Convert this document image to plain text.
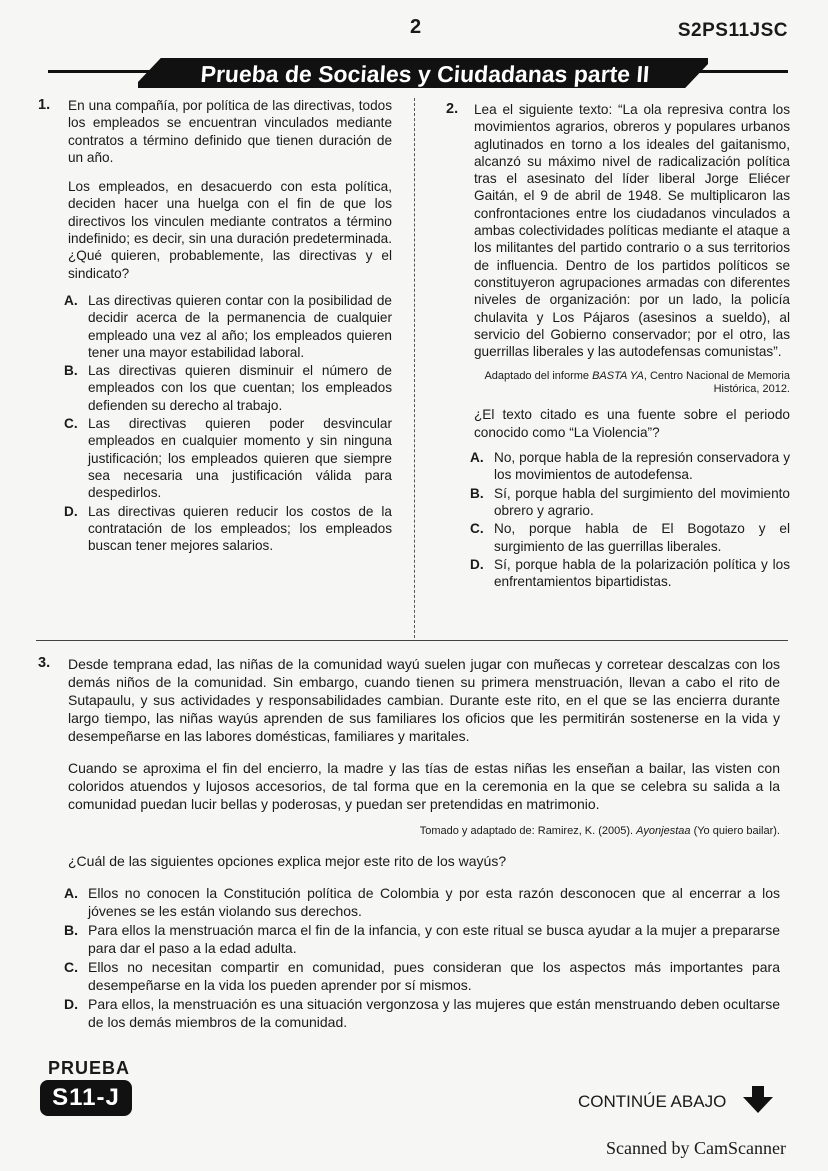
2	S2PS11JSC
Prueba de Sociales y Ciudadanas parte II
1. En una compañía, por política de las directivas, todos los empleados se encuentran vinculados mediante contratos a término definido que tienen duración de un año.

Los empleados, en desacuerdo con esta política, deciden hacer una huelga con el fin de que los directivos los vinculen mediante contratos a término indefinido; es decir, sin una duración predeterminada. ¿Qué quieren, probablemente, las directivas y el sindicato?

A. Las directivas quieren contar con la posibilidad de decidir acerca de la permanencia de cualquier empleado una vez al año; los empleados quieren tener una mayor estabilidad laboral.
B. Las directivas quieren disminuir el número de empleados con los que cuentan; los empleados defienden su derecho al trabajo.
C. Las directivas quieren poder desvincular empleados en cualquier momento y sin ninguna justificación; los empleados quieren que siempre sea necesaria una justificación válida para despedirlos.
D. Las directivas quieren reducir los costos de la contratación de los empleados; los empleados buscan tener mejores salarios.
2. Lea el siguiente texto: “La ola represiva contra los movimientos agrarios, obreros y populares urbanos aglutinados en torno a los ideales del gaitanismo, alcanzó su máximo nivel de radicalización política tras el asesinato del líder liberal Jorge Eliécer Gaitán, el 9 de abril de 1948. Se multiplicaron las confrontaciones entre los ciudadanos vinculados a ambas colectividades políticas mediante el ataque a los militantes del partido contrario o a sus territorios de influencia. Dentro de los partidos políticos se constituyeron agrupaciones armadas con diferentes niveles de organización: por un lado, la policía chulavita y Los Pájaros (asesinos a sueldo), al servicio del Gobierno conservador; por el otro, las guerrillas liberales y las autodefensas comunistas”.

Adaptado del informe BASTA YA, Centro Nacional de Memoria Histórica, 2012.

¿El texto citado es una fuente sobre el periodo conocido como “La Violencia”?

A. No, porque habla de la represión conservadora y los movimientos de autodefensa.
B. Sí, porque habla del surgimiento del movimiento obrero y agrario.
C. No, porque habla de El Bogotazo y el surgimiento de las guerrillas liberales.
D. Sí, porque habla de la polarización política y los enfrentamientos bipartidistas.
3. Desde temprana edad, las niñas de la comunidad wayú suelen jugar con muñecas y corretear descalzas con los demás niños de la comunidad. Sin embargo, cuando tienen su primera menstruación, llevan a cabo el rito de Sutapaulu, y sus actividades y responsabilidades cambian. Durante este rito, en el que se las encierra durante largo tiempo, las niñas wayús aprenden de sus familiares los oficios que les permitirán sostenerse en la vida y desempeñarse en las labores domésticas, familiares y maritales.

Cuando se aproxima el fin del encierro, la madre y las tías de estas niñas les enseñan a bailar, las visten con coloridos atuendos y lujosos accesorios, de tal forma que en la ceremonia en la que se celebra su salida a la comunidad puedan lucir bellas y poderosas, y puedan ser pretendidas en matrimonio.

Tomado y adaptado de: Ramirez, K. (2005). Ayonjestaa (Yo quiero bailar).

¿Cuál de las siguientes opciones explica mejor este rito de los wayús?

A. Ellos no conocen la Constitución política de Colombia y por esta razón desconocen que al encerrar a los jóvenes se les están violando sus derechos.
B. Para ellos la menstruación marca el fin de la infancia, y con este ritual se busca ayudar a la mujer a prepararse para dar el paso a la edad adulta.
C. Ellos no necesitan compartir en comunidad, pues consideran que los aspectos más importantes para desempeñarse en la vida los pueden aprender por sí mismos.
D. Para ellos, la menstruación es una situación vergonzosa y las mujeres que están menstruando deben ocultarse de los demás miembros de la comunidad.
PRUEBA
S11-J	CONTINÚE ABAJO
Scanned by CamScanner
